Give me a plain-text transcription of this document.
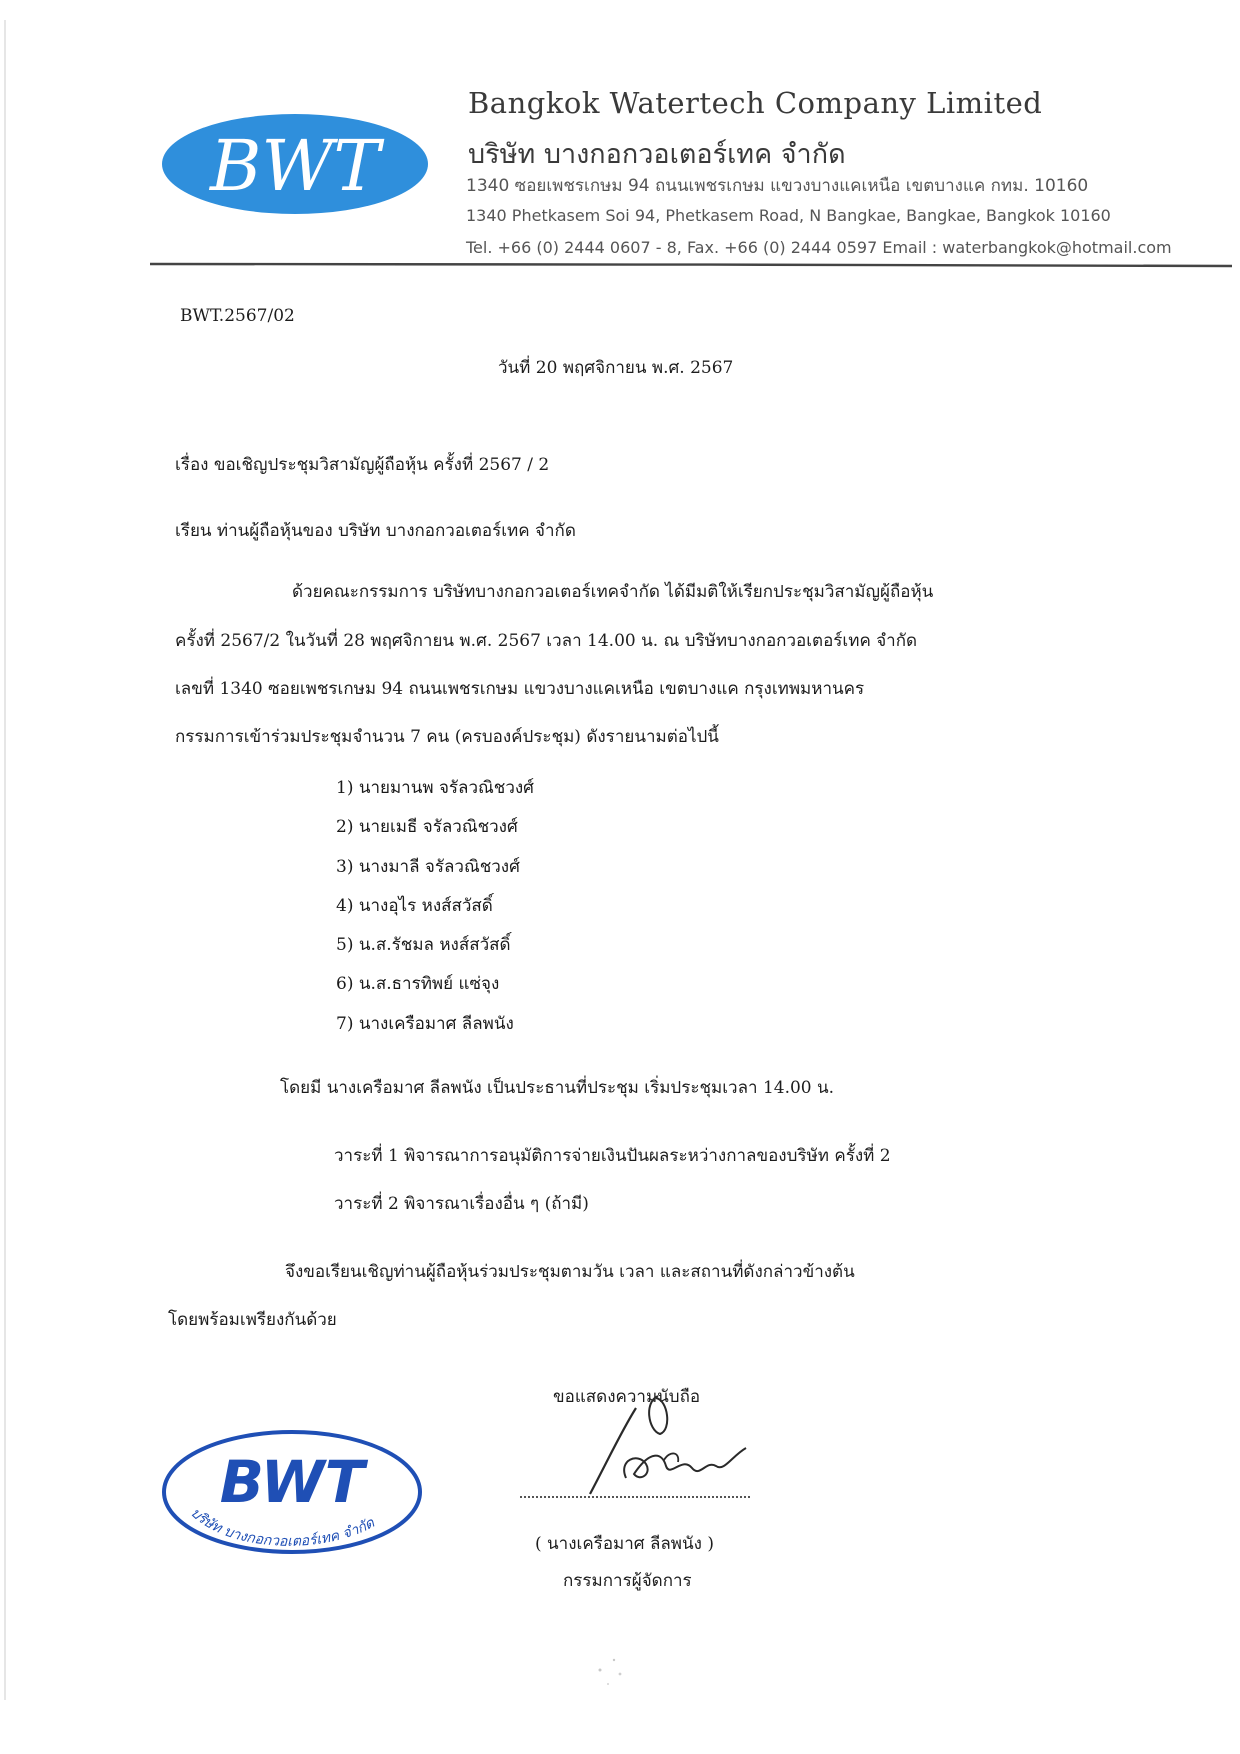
BWT
Bangkok Watertech Company Limited
บริษัท บางกอกวอเตอร์เทค จำกัด
1340 ซอยเพชรเกษม 94 ถนนเพชรเกษม แขวงบางแคเหนือ เขตบางแค กทม. 10160
1340 Phetkasem Soi 94, Phetkasem Road, N Bangkae, Bangkae, Bangkok 10160
Tel. +66 (0) 2444 0607 - 8, Fax. +66 (0) 2444 0597 Email : waterbangkok@hotmail.com
BWT.2567/02
วันที่ 20 พฤศจิกายน พ.ศ. 2567
เรื่อง ขอเชิญประชุมวิสามัญผู้ถือหุ้น ครั้งที่ 2567 / 2
เรียน ท่านผู้ถือหุ้นของ บริษัท บางกอกวอเตอร์เทค จำกัด
ด้วยคณะกรรมการ บริษัทบางกอกวอเตอร์เทคจำกัด ได้มีมติให้เรียกประชุมวิสามัญผู้ถือหุ้น
ครั้งที่ 2567/2 ในวันที่ 28 พฤศจิกายน พ.ศ. 2567 เวลา 14.00 น. ณ บริษัทบางกอกวอเตอร์เทค จำกัด
เลขที่ 1340 ซอยเพชรเกษม 94 ถนนเพชรเกษม แขวงบางแคเหนือ เขตบางแค กรุงเทพมหานคร
กรรมการเข้าร่วมประชุมจำนวน 7 คน (ครบองค์ประชุม) ดังรายนามต่อไปนี้
1) นายมานพ จรัลวณิชวงศ์
2) นายเมธี จรัลวณิชวงศ์
3) นางมาลี จรัลวณิชวงศ์
4) นางอุไร หงส์สวัสดิ์
5) น.ส.รัชมล หงส์สวัสดิ์
6) น.ส.ธารทิพย์ แซ่จุง
7) นางเครือมาศ ลีลพนัง
โดยมี นางเครือมาศ ลีลพนัง เป็นประธานที่ประชุม เริ่มประชุมเวลา 14.00 น.
วาระที่ 1 พิจารณาการอนุมัติการจ่ายเงินปันผลระหว่างกาลของบริษัท ครั้งที่ 2
วาระที่ 2 พิจารณาเรื่องอื่น ๆ (ถ้ามี)
จึงขอเรียนเชิญท่านผู้ถือหุ้นร่วมประชุมตามวัน เวลา และสถานที่ดังกล่าวข้างต้น
โดยพร้อมเพรียงกันด้วย
ขอแสดงความนับถือ
( นางเครือมาศ ลีลพนัง )
กรรมการผู้จัดการ
BWT
บริษัท บางกอกวอเตอร์เทค จำกัด
